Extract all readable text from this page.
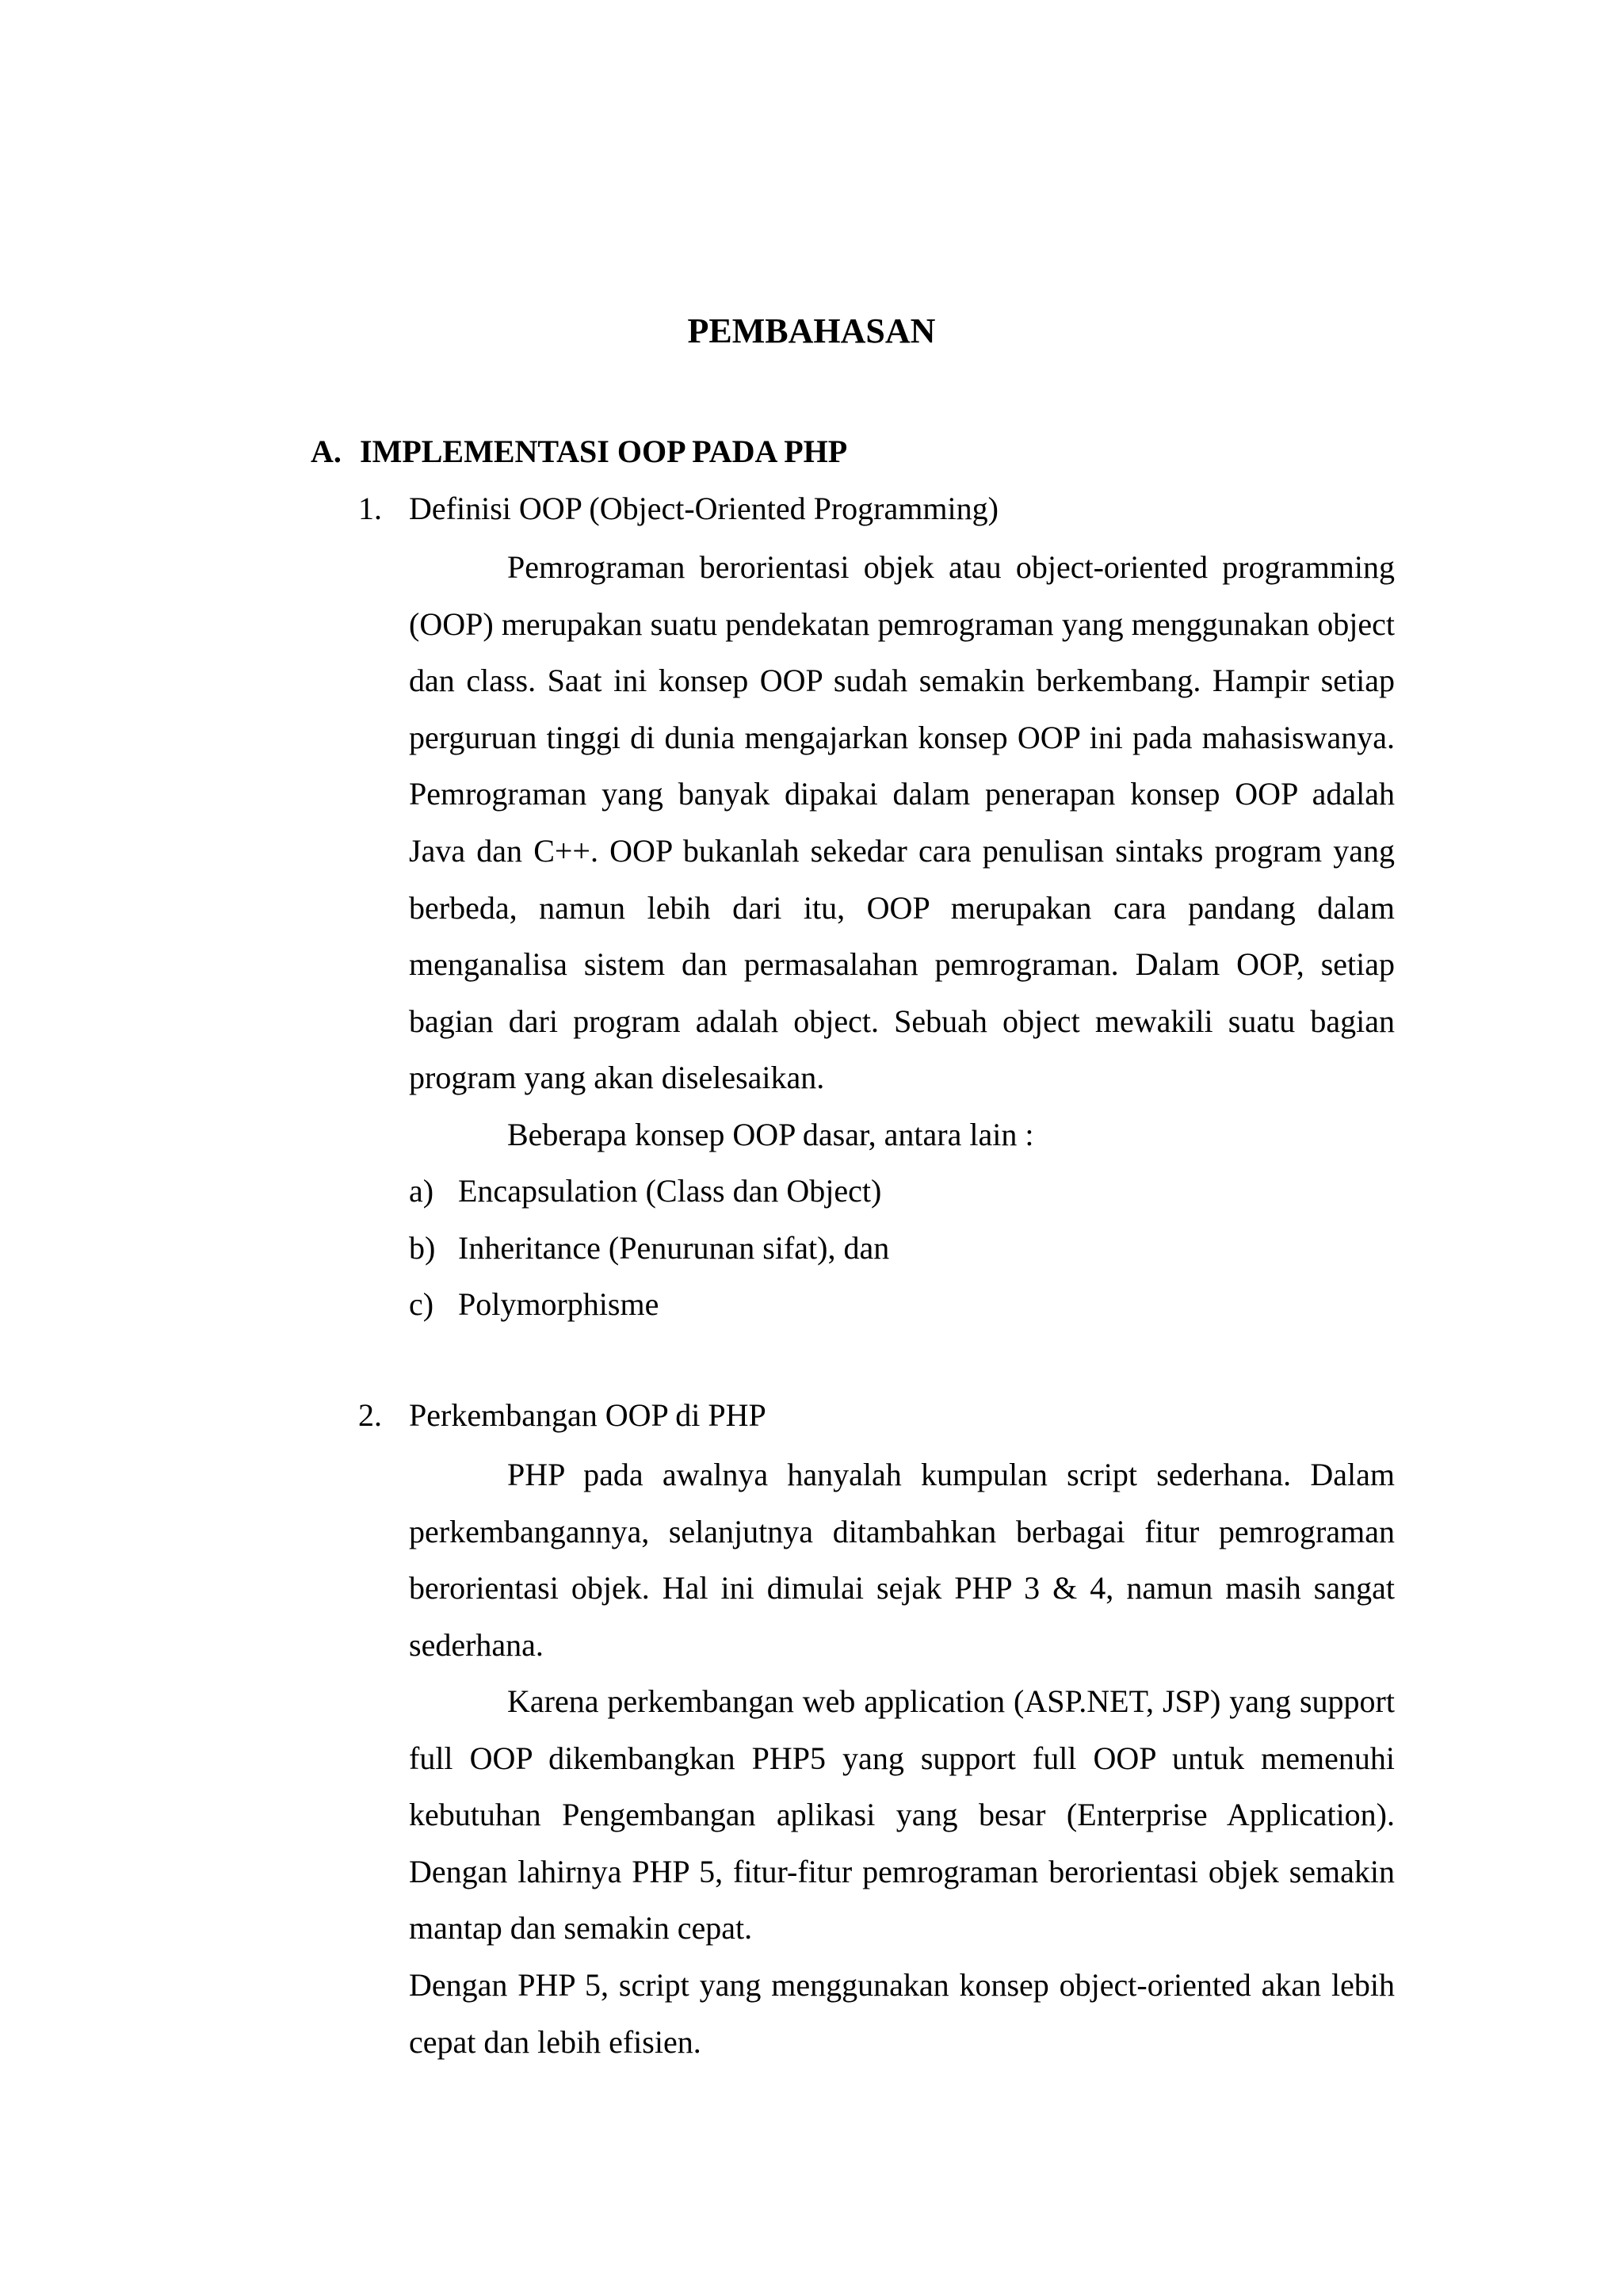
PEMBAHASAN
A. IMPLEMENTASI OOP PADA PHP
1. Definisi OOP (Object-Oriented Programming)

Pemrograman berorientasi objek atau object-oriented programming (OOP) merupakan suatu pendekatan pemrograman yang menggunakan object dan class. Saat ini konsep OOP sudah semakin berkembang. Hampir setiap perguruan tinggi di dunia mengajarkan konsep OOP ini pada mahasiswanya. Pemrograman yang banyak dipakai dalam penerapan konsep OOP adalah Java dan C++. OOP bukanlah sekedar cara penulisan sintaks program yang berbeda, namun lebih dari itu, OOP merupakan cara pandang dalam menganalisa sistem dan permasalahan pemrograman. Dalam OOP, setiap bagian dari program adalah object. Sebuah object mewakili suatu bagian program yang akan diselesaikan.

Beberapa konsep OOP dasar, antara lain :

a) Encapsulation (Class dan Object)
b) Inheritance (Penurunan sifat), dan
c) Polymorphisme
2. Perkembangan OOP di PHP

PHP pada awalnya hanyalah kumpulan script sederhana. Dalam perkembangannya, selanjutnya ditambahkan berbagai fitur pemrograman berorientasi objek. Hal ini dimulai sejak PHP 3 & 4, namun masih sangat sederhana.

Karena perkembangan web application (ASP.NET, JSP) yang support full OOP dikembangkan PHP5 yang support full OOP untuk memenuhi kebutuhan Pengembangan aplikasi yang besar (Enterprise Application). Dengan lahirnya PHP 5, fitur-fitur pemrograman berorientasi objek semakin mantap dan semakin cepat.

Dengan PHP 5, script yang menggunakan konsep object-oriented akan lebih cepat dan lebih efisien.
